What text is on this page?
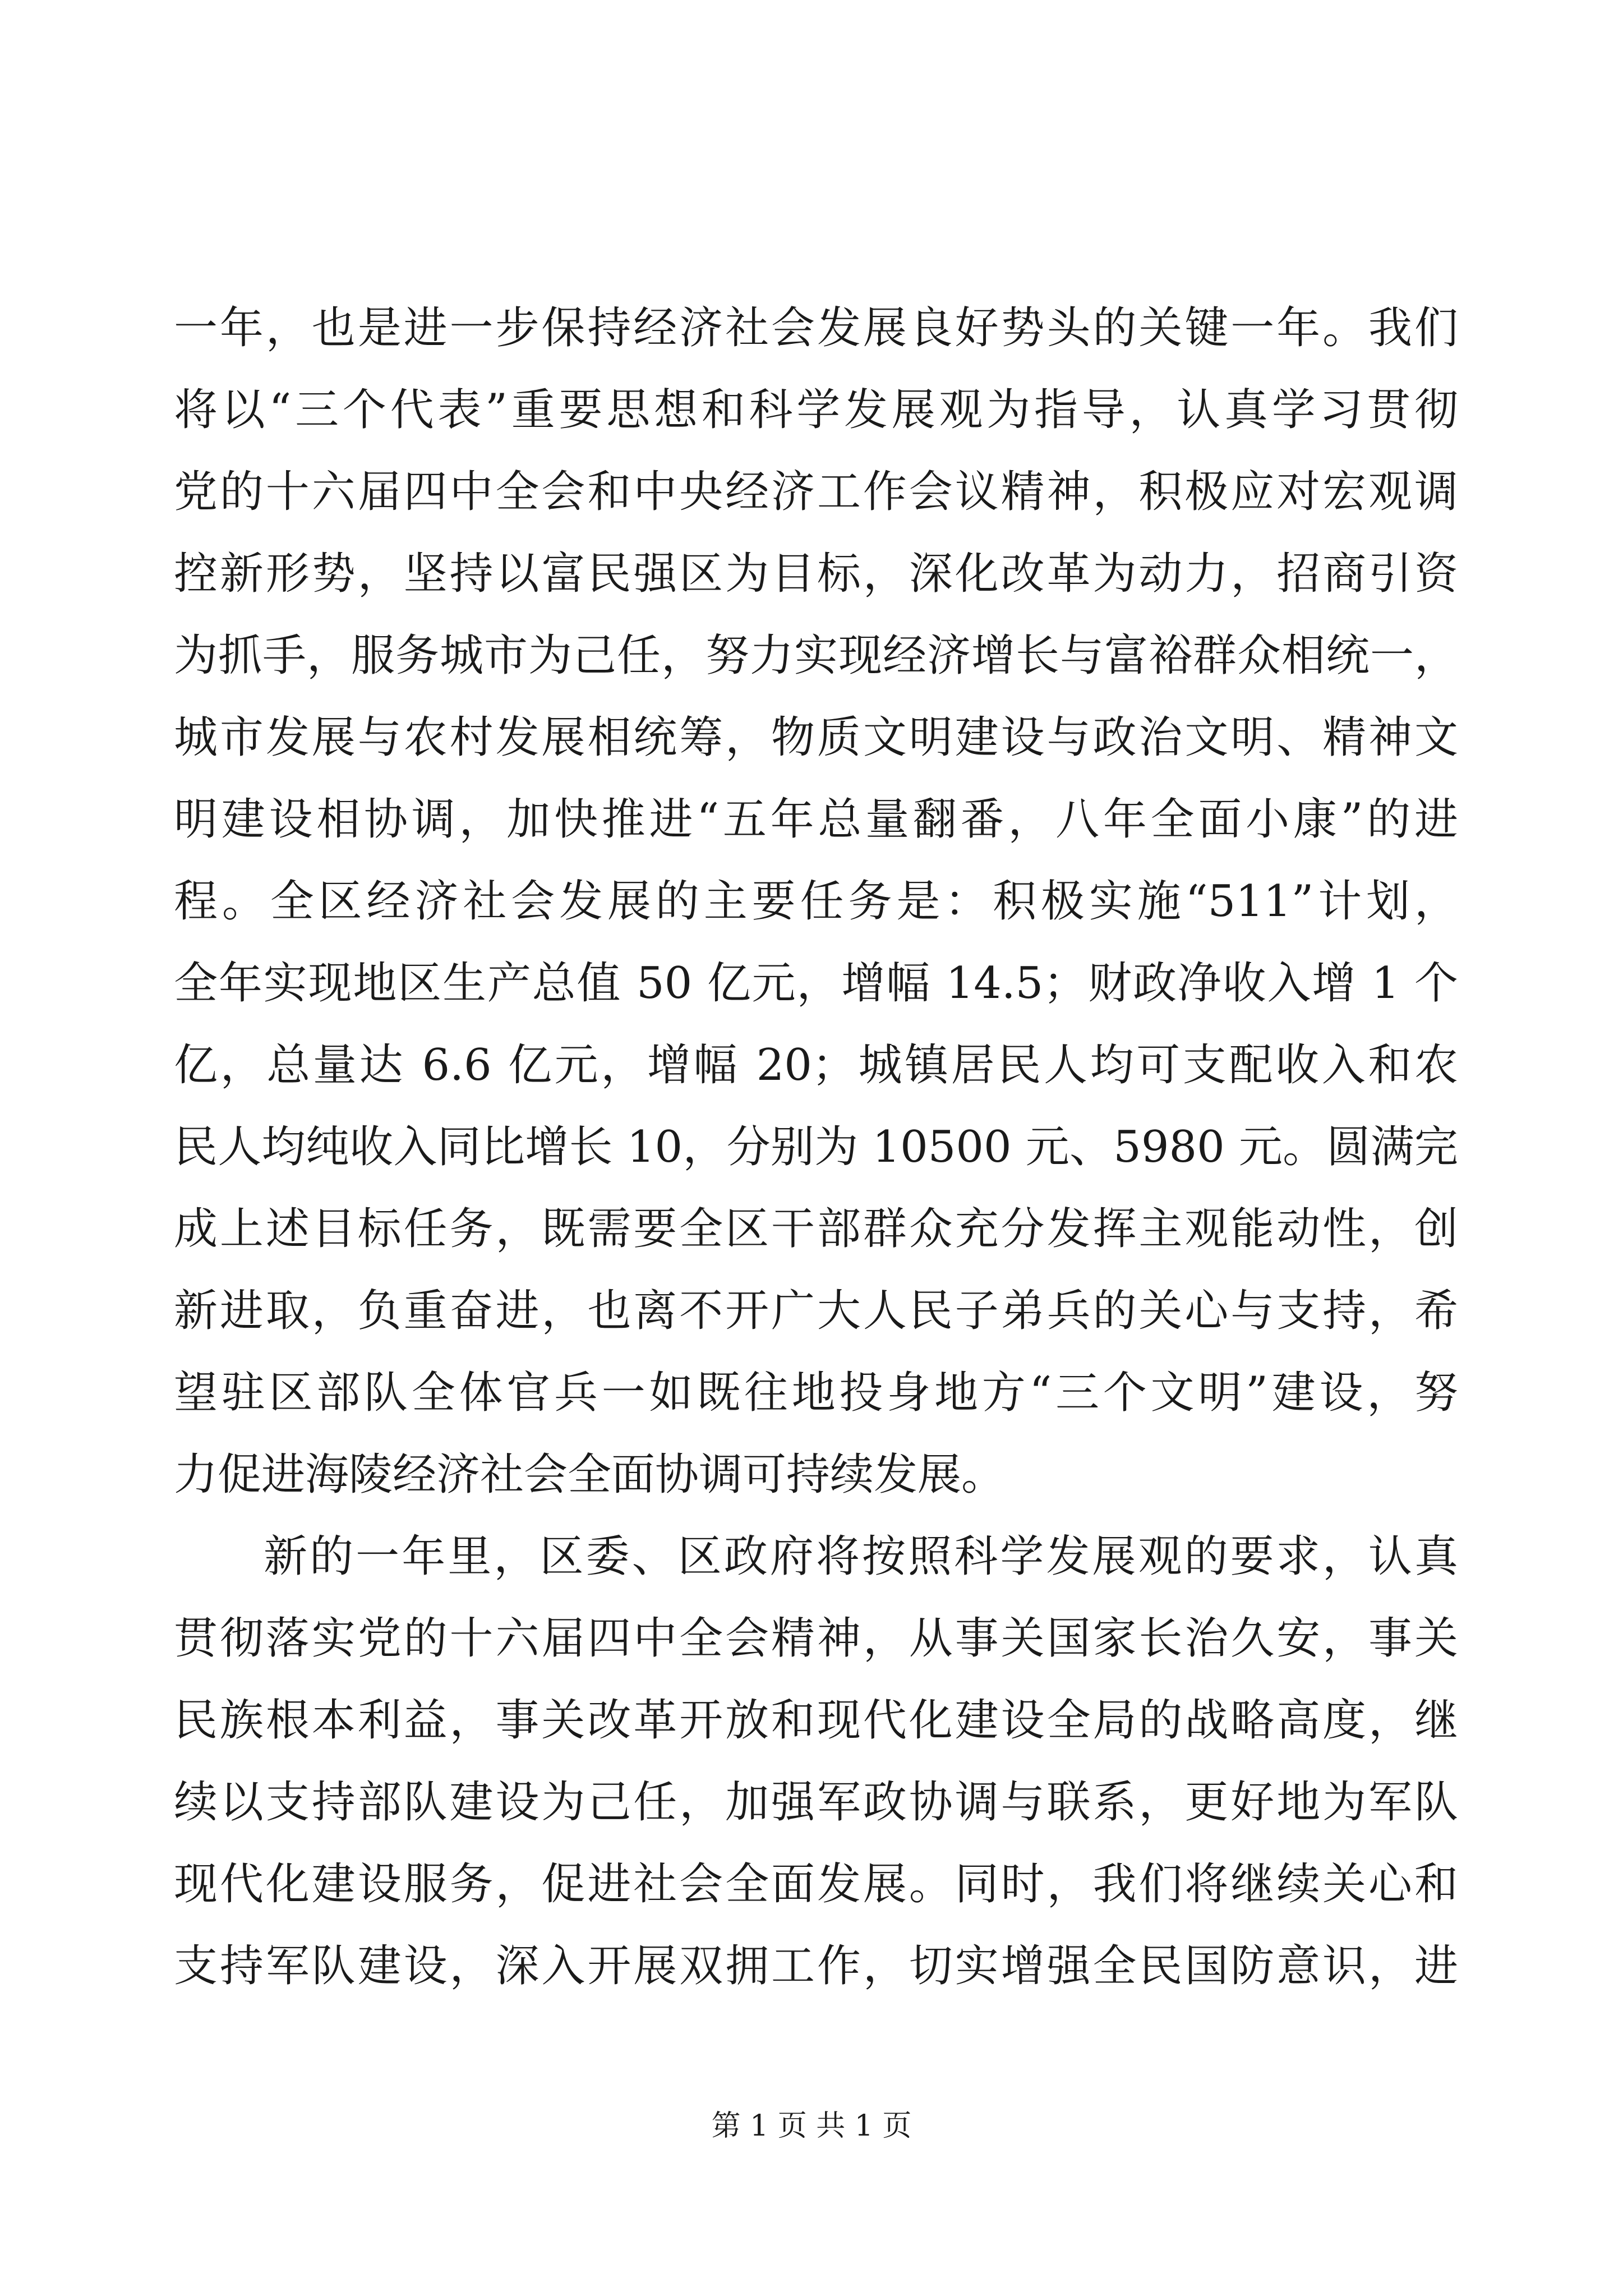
一年，也是进一步保持经济社会发展良好势头的关键一年。我们
将以“三个代表”重要思想和科学发展观为指导，认真学习贯彻
党的十六届四中全会和中央经济工作会议精神，积极应对宏观调
控新形势，坚持以富民强区为目标，深化改革为动力，招商引资
为抓手，服务城市为己任，努力实现经济增长与富裕群众相统一，
城市发展与农村发展相统筹，物质文明建设与政治文明、精神文
明建设相协调，加快推进“五年总量翻番，八年全面小康”的进
程。全区经济社会发展的主要任务是：积极实施“511”计划，
全年实现地区生产总值 50 亿元，增幅 14.5；财政净收入增 1 个
亿，总量达 6.6 亿元，增幅 20；城镇居民人均可支配收入和农
民人均纯收入同比增长 10，分别为 10500 元、5980 元。圆满完
成上述目标任务，既需要全区干部群众充分发挥主观能动性，创
新进取，负重奋进，也离不开广大人民子弟兵的关心与支持，希
望驻区部队全体官兵一如既往地投身地方“三个文明”建设，努
力促进海陵经济社会全面协调可持续发展。
新的一年里，区委、区政府将按照科学发展观的要求，认真
贯彻落实党的十六届四中全会精神，从事关国家长治久安，事关
民族根本利益，事关改革开放和现代化建设全局的战略高度，继
续以支持部队建设为己任，加强军政协调与联系，更好地为军队
现代化建设服务，促进社会全面发展。同时，我们将继续关心和
支持军队建设，深入开展双拥工作，切实增强全民国防意识，进
第 1 页 共 1 页
